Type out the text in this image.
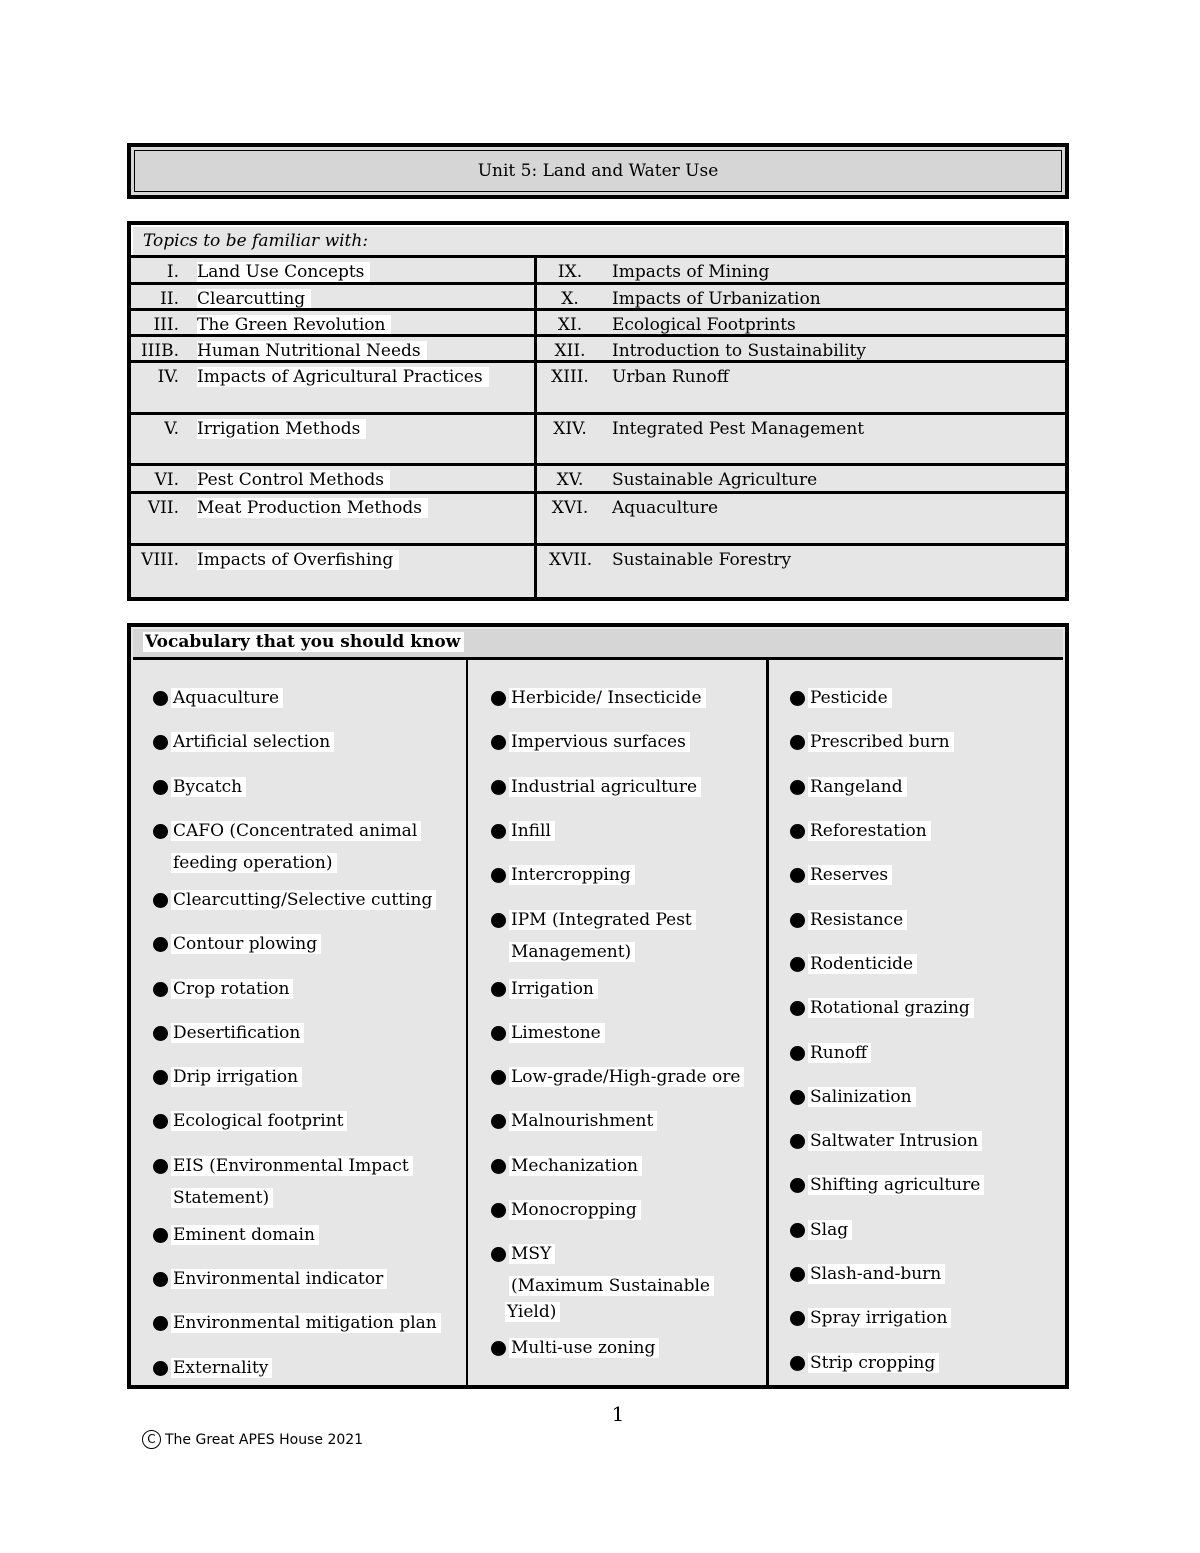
Unit 5: Land and Water Use
Topics to be familiar with:
I. Land Use Concepts	IX.	Impacts of Mining
II. Clearcutting	X.	Impacts of Urbanization
III. The Green Revolution	XI.	Ecological Footprints
IIIB. Human Nutritional Needs	XII.	Introduction to Sustainability
IV. Impacts of Agricultural Practices	XIII. Urban Runoff
V. Irrigation Methods	XIV. Integrated Pest Management
VI. Pest Control Methods	XV.	Sustainable Agriculture
VII. Meat Production Methods	XVI. Aquaculture
VIII. Impacts of Overfishing	XVII. Sustainable Forestry
Vocabulary that you should know
Aquaculture
Artificial selection
Bycatch
CAFO (Concentrated animal
feeding operation)
Clearcutting/Selective cutting
Contour plowing
Crop rotation
Desertification
Drip irrigation
Ecological footprint
EIS (Environmental Impact
Statement)
Eminent domain
Environmental indicator
Environmental mitigation plan
Externality
Herbicide/ Insecticide
Impervious surfaces
Industrial agriculture
Infill
Intercropping
IPM (Integrated Pest
Management)
Irrigation
Limestone
Low-grade/High-grade ore
Malnourishment
Mechanization
Monocropping
MSY
(Maximum Sustainable
Yield)
Multi-use zoning
Pesticide
Prescribed burn
Rangeland
Reforestation
Reserves
Resistance
Rodenticide
Rotational grazing
Runoff
Salinization
Saltwater Intrusion
Shifting agriculture
Slag
Slash-and-burn
Spray irrigation
Strip cropping
1
C The Great APES House 2021
